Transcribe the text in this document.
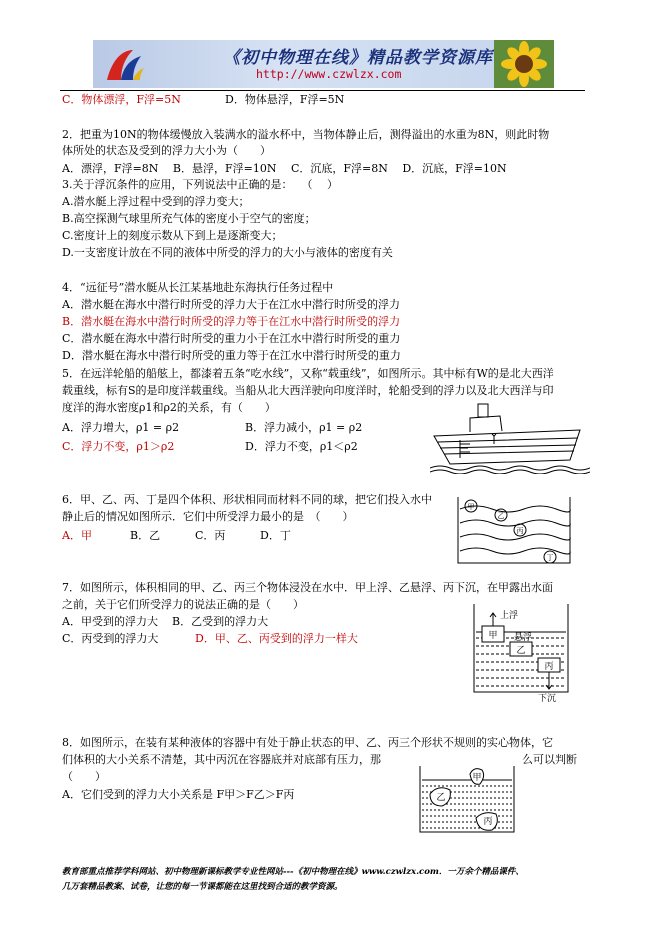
《初中物理在线》精品教学资源库
http://www.czwlzx.com
C．物体漂浮，F浮=5N	D．物体悬浮，F浮=5N
2．把重为10N的物体缓慢放入装满水的溢水杯中，当物体静止后，测得溢出的水重为8N，则此时物
体所处的状态及受到的浮力大小为（　　）
A．漂浮，F浮=8N　 B．悬浮，F浮=10N　 C．沉底，F浮=8N　 D．沉底，F浮=10N
3.关于浮沉条件的应用，下列说法中正确的是：　 （　 ）
A.潜水艇上浮过程中受到的浮力变大；
B.高空探测气球里所充气体的密度小于空气的密度；
C.密度计上的刻度示数从下到上是逐渐变大；
D.一支密度计放在不同的液体中所受的浮力的大小与液体的密度有关
4．“远征号”潜水艇从长江某基地赴东海执行任务过程中
A．潜水艇在海水中潜行时所受的浮力大于在江水中潜行时所受的浮力
B．潜水艇在海水中潜行时所受的浮力等于在江水中潜行时所受的浮力
C．潜水艇在海水中潜行时所受的重力小于在江水中潜行时所受的重力
D．潜水艇在海水中潜行时所受的重力等于在江水中潜行时所受的重力
5．在远洋轮船的船舷上，都漆着五条“吃水线”，又称“载重线”，如图所示。其中标有W的是北大西洋
载重线，标有S的是印度洋载重线。当船从北大西洋驶向印度洋时，轮船受到的浮力以及北大西洋与印
度洋的海水密度ρ1和ρ2的关系，有（　　）
A．浮力增大，ρ1 = ρ2	B．浮力减小，ρ1 = ρ2
C．浮力不变，ρ1＞ρ2	D．浮力不变，ρ1＜ρ2
6．甲、乙、丙、丁是四个体积、形状相同而材料不同的球，把它们投入水中
静止后的情况如图所示．它们中所受浮力最小的是　（　　）
A．甲	B．乙	C．丙	D．丁
甲
乙
丙
丁
7．如图所示，体积相同的甲、乙、丙三个物体浸没在水中．甲上浮、乙悬浮、丙下沉，在甲露出水面
之前，关于它们所受浮力的说法正确的是（　　）
A．甲受到的浮力大 B．乙受到的浮力大
C．丙受到的浮力大	D．甲、乙、丙受到的浮力一样大	甲
乙
丙
上浮
悬浮
下沉
8．如图所示，在装有某种液体的容器中有处于静止状态的甲、乙、丙三个形状不规则的实心物体，它
们体积的大小关系不清楚，其中丙沉在容器底并对底部有压力，那	么可以判断
（　　）
A．它们受到的浮力大小关系是 F甲＞F乙＞F丙
甲
乙
丙
教育部重点推荐学科网站、初中物理新课标教学专业性网站---《初中物理在线》www.czwlzx.com．一万余个精品课件、
几万套精品教案、试卷，让您的每一节课都能在这里找到合适的教学资源。
